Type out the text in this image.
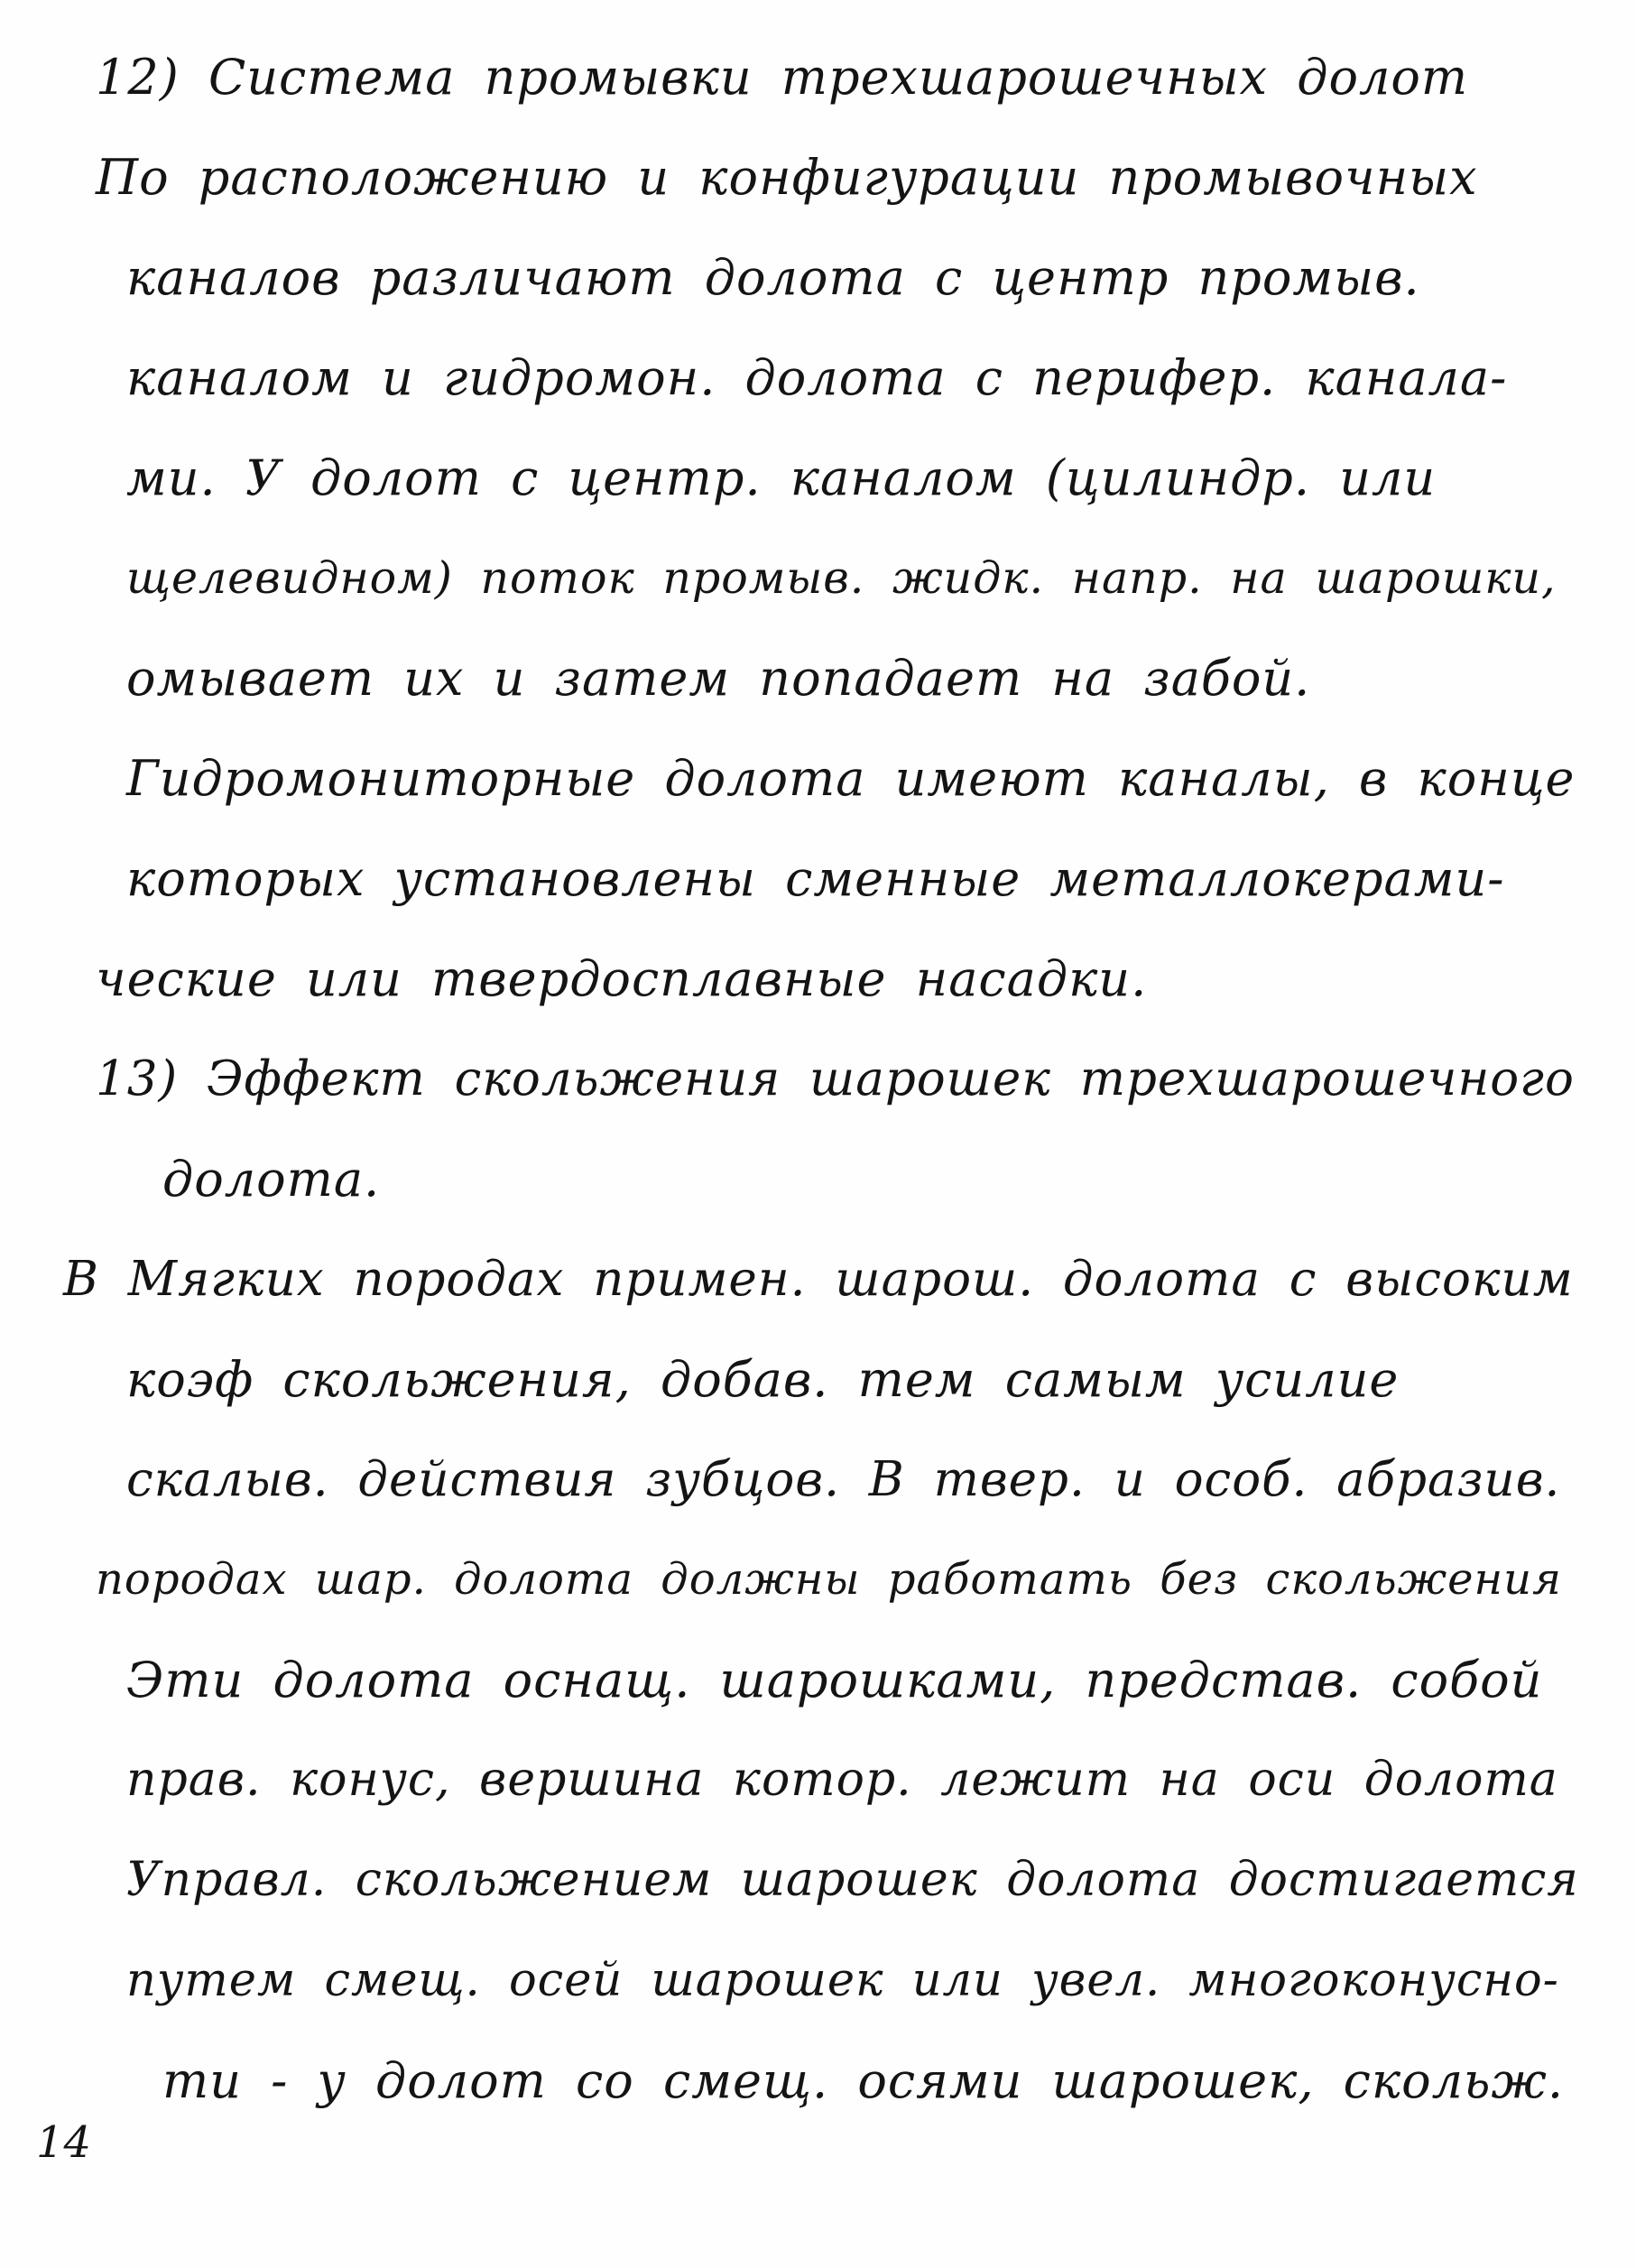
12) Система промывки трехшарошечных долот
По расположению и конфигурации промывочных
каналов различают долота с центр промыв.
каналом и гидромон. долота с перифер. канала-
ми. У долот с центр. каналом (цилиндр. или
щелевидном) поток промыв. жидк. напр. на шарошки,
омывает их и затем попадает на забой.
Гидромониторные долота имеют каналы, в конце
которых установлены сменные металлокерами-
ческие или твердосплавные насадки.
13) Эффект скольжения шарошек трехшарошечного
долота.
В Мягких породах примен. шарош. долота с высоким
коэф скольжения, добав. тем самым усилие
скалыв. действия зубцов. В твер. и особ. абразив.
породах шар. долота должны работать без скольжения
Эти долота оснащ. шарошками, представ. собой
прав. конус, вершина котор. лежит на оси долота
Управл. скольжением шарошек долота достигается
путем смещ. осей шарошек или увел. многоконусно-
ти - у долот со смещ. осями шарошек, скольж.
14
